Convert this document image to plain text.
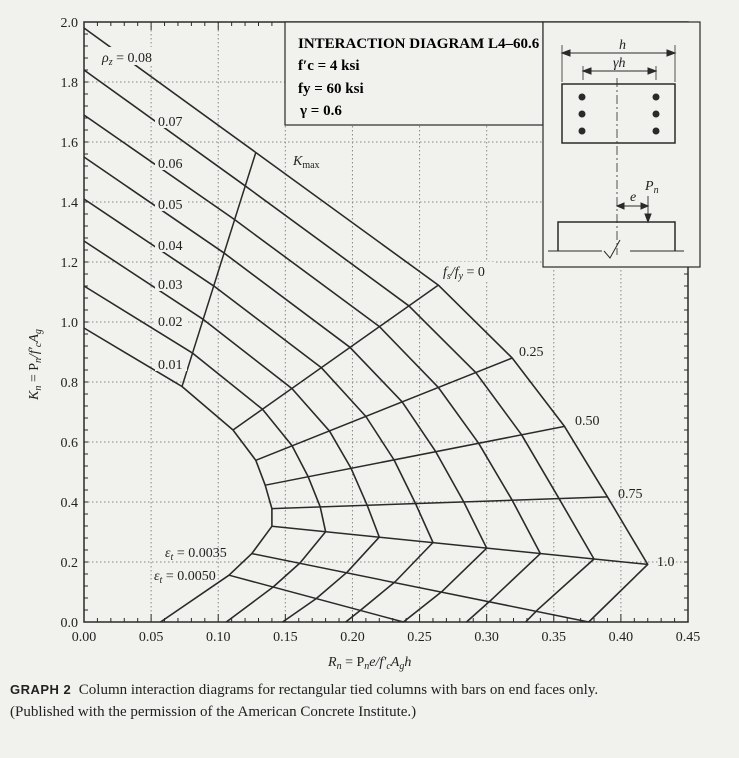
0.00	0.05	0.10	0.15	0.20	0.25	0.30	0.35	0.40	0.45
0.0
0.2
0.4
0.6
0.8
1.0
1.2
1.4
1.6
1.8
2.0
$\rho_z = 0.08$
0.07
0.06
0.05
0.04
0.03
0.02
0.01
$K_{max}$
$f_s/f_y = 0$
0.25
0.50
0.75
1.0
$\varepsilon_t = 0.0035$
$\varepsilon_t = 0.0050$
$R_n = P_ne/f'_cA_gh$
$K_n = P_n/f'_cA_g$
INTERACTION DIAGRAM L4–60.6
f′c = 4 ksi
fy = 60 ksi
γ = 0.6
h
γh
e
$P_n$
GRAPH 2 Column interaction diagrams for rectangular tied columns with bars on end faces only.
(Published with the permission of the American Concrete Institute.)
